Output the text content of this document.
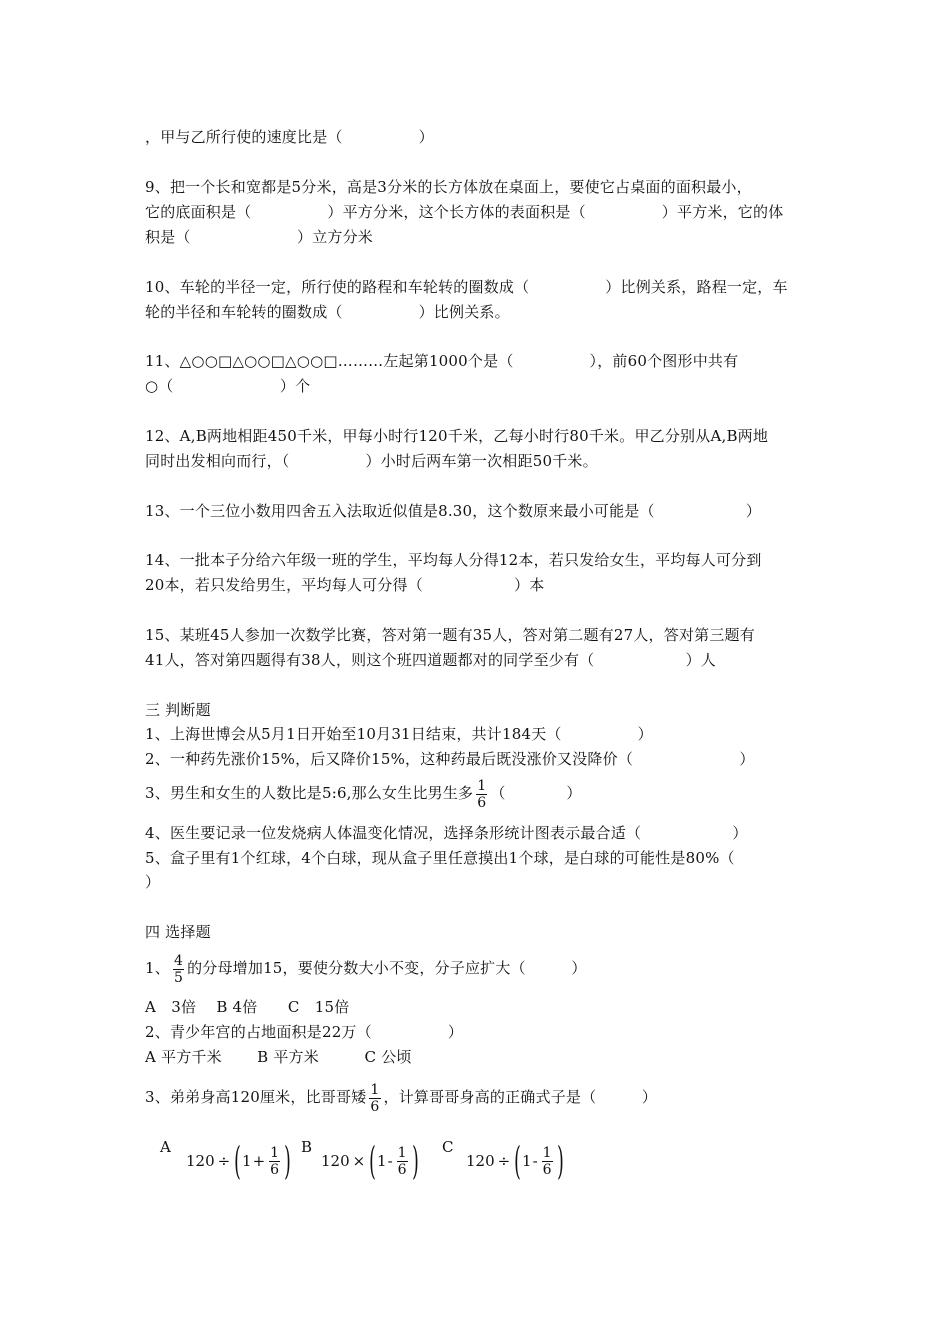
，甲与乙所行使的速度比是（　　　　　）
9、把一个长和宽都是5分米，高是3分米的长方体放在桌面上，要使它占桌面的面积最小，
它的底面积是（　　　　　）平方分米，这个长方体的表面积是（　　　　　）平方米，它的体
积是（　　　　　　　）立方分米
10、车轮的半径一定，所行使的路程和车轮转的圈数成（　　　　　）比例关系，路程一定，车
轮的半径和车轮转的圈数成（　　　　　）比例关系。
11、△○○□△○○□△○○□………左起第1000个是（　　　　　），前60个图形中共有
○（　　　　　　　）个
12、A,B两地相距450千米，甲每小时行120千米，乙每小时行80千米。甲乙分别从A,B两地
同时出发相向而行，（　　　　　）小时后两车第一次相距50千米。
13、一个三位小数用四舍五入法取近似值是8.30，这个数原来最小可能是（　　　　　　）
14、一批本子分给六年级一班的学生，平均每人分得12本，若只发给女生，平均每人可分到
20本，若只发给男生，平均每人可分得（　　　　　　）本
15、某班45人参加一次数学比赛，答对第一题有35人，答对第二题有27人，答对第三题有
41人，答对第四题得有38人，则这个班四道题都对的同学至少有（　　　　　　）人
三 判断题
1、上海世博会从5月1日开始至10月31日结束，共计184天（　　　　　）
2、一种药先涨价15%，后又降价15%，这种药最后既没涨价又没降价（　　　　　　　）
3、男生和女生的人数比是5:6,那么女生比男生多 $\frac{1}{6}$ （　　　　）
4、医生要记录一位发烧病人体温变化情况，选择条形统计图表示最合适（　　　　　　）
5、盒子里有1个红球，4个白球，现从盒子里任意摸出1个球，是白球的可能性是80%（
）
四 选择题
1、 $\frac{4}{5}$ 的分母增加15，要使分数大小不变，分子应扩大（　　　）
A　3倍　 B 4倍　　C　15倍
2、青少年宫的占地面积是22万（　　　　　）
A 平方千米　　 B 平方米　　　C 公顷
3、弟弟身高120厘米，比哥哥矮 $\frac{1}{6}$ ，计算哥哥身高的正确式子是（　　　）
A
120 ÷ ( $1 + \frac{1}{6}$ ) B
120 × ( $1 - \frac{1}{6}$ ) C
120 ÷ ( $1 - \frac{1}{6}$ )
